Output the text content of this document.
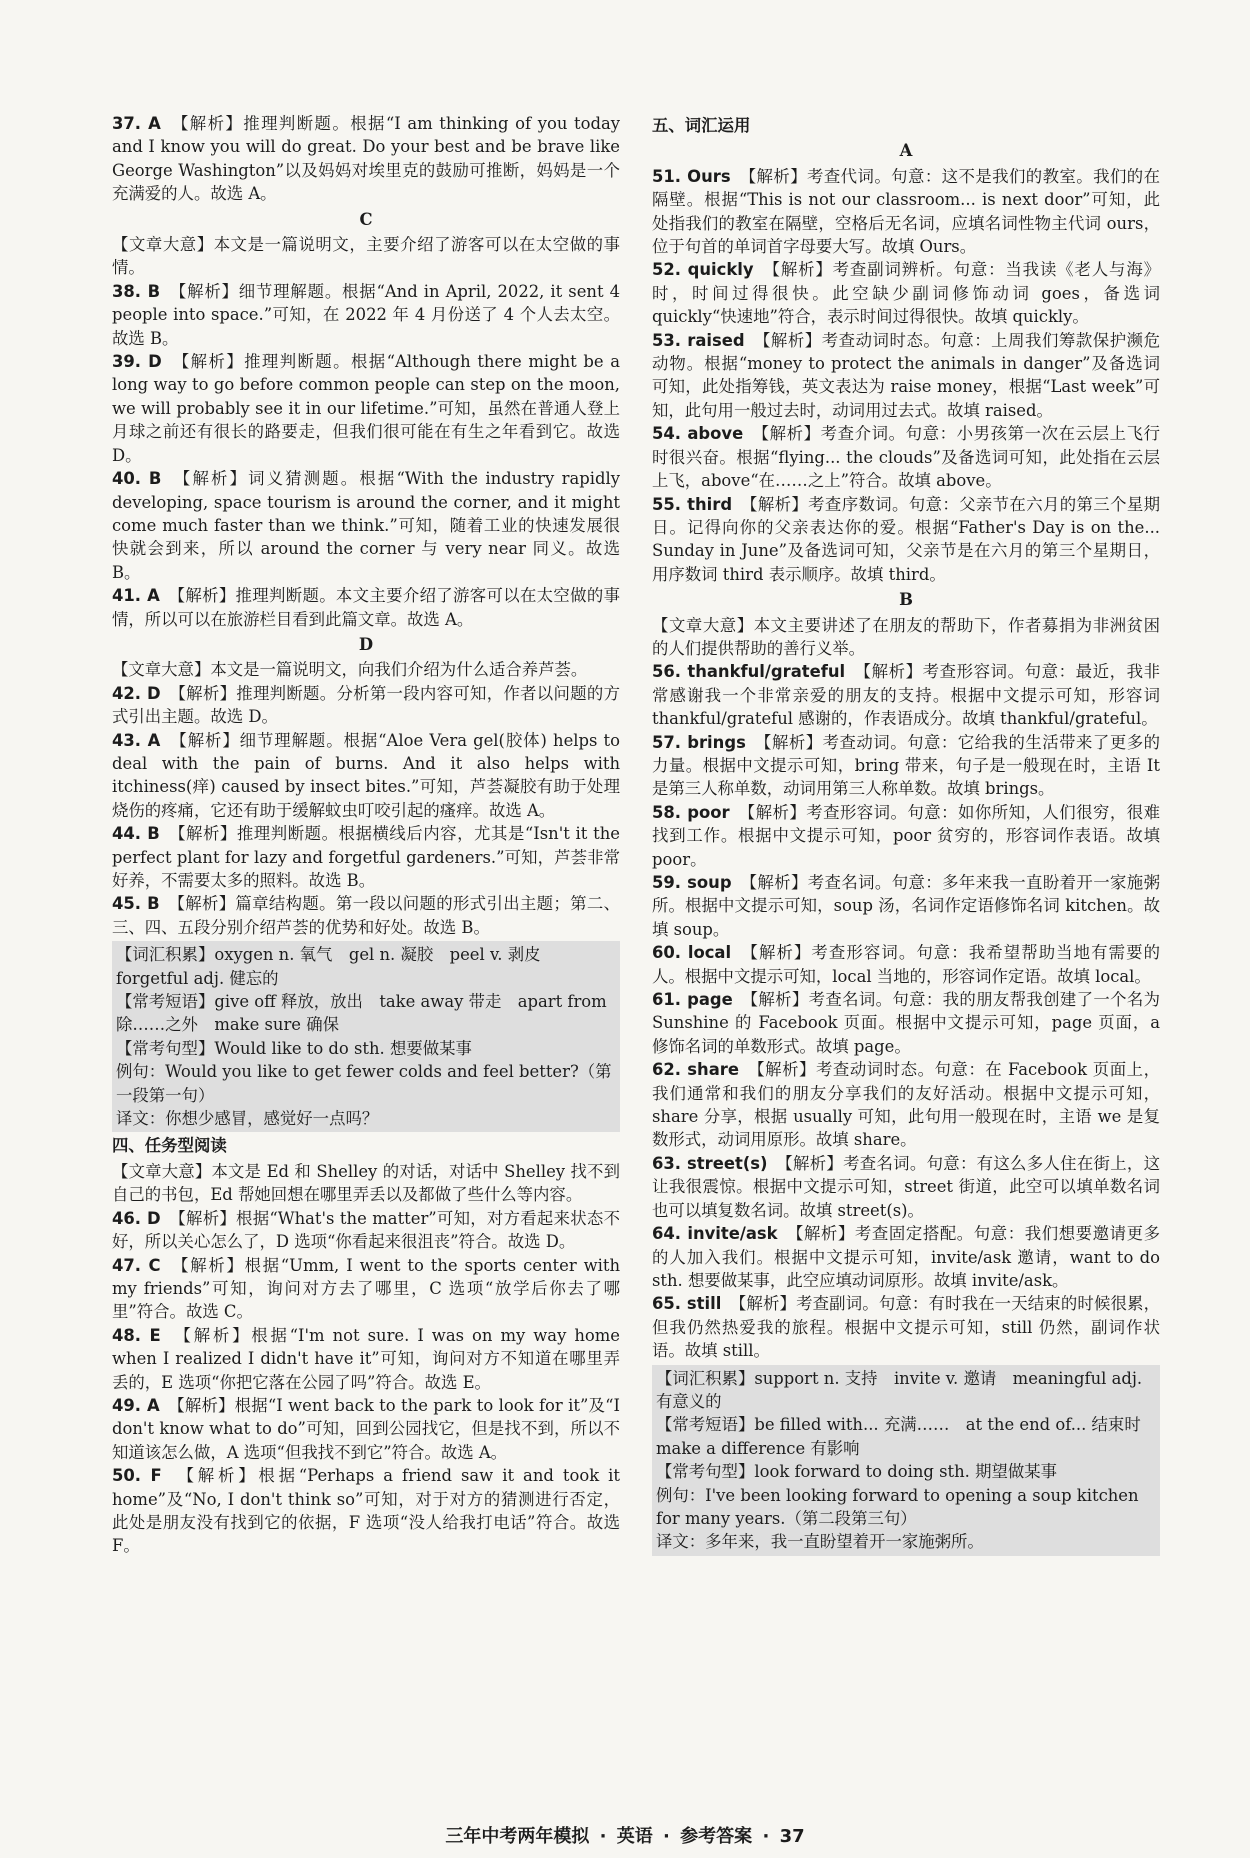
37. A　 【解析】推理判断题。根据“I am thinking of you today and I know you will do great. Do your best and be brave like George Washington”以及妈妈对埃里克的鼓励可推断，妈妈是一个充满爱的人。故选 A。

C

【文章大意】本文是一篇说明文，主要介绍了游客可以在太空做的事情。

38. B　 【解析】细节理解题。根据“And in April, 2022, it sent 4 people into space.”可知，在 2022 年 4 月份送了 4 个人去太空。故选 B。

39. D　 【解析】推理判断题。根据“Although there might be a long way to go before common people can step on the moon, we will probably see it in our lifetime.”可知，虽然在普通人登上月球之前还有很长的路要走，但我们很可能在有生之年看到它。故选 D。

40. B　 【解析】词义猜测题。根据“With the industry rapidly developing, space tourism is around the corner, and it might come much faster than we think.”可知，随着工业的快速发展很快就会到来，所以 around the corner 与 very near 同义。故选 B。

41. A　 【解析】推理判断题。本文主要介绍了游客可以在太空做的事情，所以可以在旅游栏目看到此篇文章。故选 A。

D

【文章大意】本文是一篇说明文，向我们介绍为什么适合养芦荟。

42. D　 【解析】推理判断题。分析第一段内容可知，作者以问题的方式引出主题。故选 D。

43. A　 【解析】细节理解题。根据“Aloe Vera gel(胶体) helps to deal with the pain of burns. And it also helps with itchiness(痒) caused by insect bites.”可知，芦荟凝胶有助于处理烧伤的疼痛，它还有助于缓解蚊虫叮咬引起的瘙痒。故选 A。

44. B　 【解析】推理判断题。根据横线后内容，尤其是“Isn't it the perfect plant for lazy and forgetful gardeners.”可知，芦荟非常好养，不需要太多的照料。故选 B。

45. B　 【解析】篇章结构题。第一段以问题的形式引出主题；第二、三、四、五段分别介绍芦荟的优势和好处。故选 B。

【词汇积累】oxygen n. 氧气　gel n. 凝胶　peel v. 剥皮　forgetful adj. 健忘的
【常考短语】give off 释放，放出　take away 带走　apart from 除……之外　make sure 确保
【常考句型】Would like to do sth. 想要做某事
例句：Would you like to get fewer colds and feel better?（第一段第一句）
译文：你想少感冒，感觉好一点吗？

四、任务型阅读

【文章大意】本文是 Ed 和 Shelley 的对话，对话中 Shelley 找不到自己的书包，Ed 帮她回想在哪里弄丢以及都做了些什么等内容。

46. D　 【解析】根据“What's the matter”可知，对方看起来状态不好，所以关心怎么了，D 选项“你看起来很沮丧”符合。故选 D。

47. C　 【解析】根据“Umm, I went to the sports center with my friends”可知，询问对方去了哪里，C 选项“放学后你去了哪里”符合。故选 C。

48. E　 【解析】根据“I'm not sure. I was on my way home when I realized I didn't have it”可知，询问对方不知道在哪里弄丢的，E 选项“你把它落在公园了吗”符合。故选 E。

49. A　 【解析】根据“I went back to the park to look for it”及“I don't know what to do”可知，回到公园找它，但是找不到，所以不知道该怎么做，A 选项“但我找不到它”符合。故选 A。

50. F　 【解析】根据“Perhaps a friend saw it and took it home”及“No, I don't think so”可知，对于对方的猜测进行否定，此处是朋友没有找到它的依据，F 选项“没人给我打电话”符合。故选 F。

五、词汇运用

A

51. Ours　 【解析】考查代词。句意：这不是我们的教室。我们的在隔壁。根据“This is not our classroom... is next door”可知，此处指我们的教室在隔壁，空格后无名词，应填名词性物主代词 ours，位于句首的单词首字母要大写。故填 Ours。

52. quickly　 【解析】考查副词辨析。句意：当我读《老人与海》时，时间过得很快。此空缺少副词修饰动词 goes，备选词 quickly“快速地”符合，表示时间过得很快。故填 quickly。

53. raised　 【解析】考查动词时态。句意：上周我们筹款保护濒危动物。根据“money to protect the animals in danger”及备选词可知，此处指筹钱，英文表达为 raise money，根据“Last week”可知，此句用一般过去时，动词用过去式。故填 raised。

54. above　 【解析】考查介词。句意：小男孩第一次在云层上飞行时很兴奋。根据“flying... the clouds”及备选词可知，此处指在云层上飞，above“在……之上”符合。故填 above。

55. third　 【解析】考查序数词。句意：父亲节在六月的第三个星期日。记得向你的父亲表达你的爱。根据“Father's Day is on the... Sunday in June”及备选词可知，父亲节是在六月的第三个星期日，用序数词 third 表示顺序。故填 third。

B

【文章大意】本文主要讲述了在朋友的帮助下，作者募捐为非洲贫困的人们提供帮助的善行义举。

56. thankful/grateful　 【解析】考查形容词。句意：最近，我非常感谢我一个非常亲爱的朋友的支持。根据中文提示可知，形容词 thankful/grateful 感谢的，作表语成分。故填 thankful/grateful。

57. brings　 【解析】考查动词。句意：它给我的生活带来了更多的力量。根据中文提示可知，bring 带来，句子是一般现在时，主语 It 是第三人称单数，动词用第三人称单数。故填 brings。

58. poor　 【解析】考查形容词。句意：如你所知，人们很穷，很难找到工作。根据中文提示可知，poor 贫穷的，形容词作表语。故填 poor。

59. soup　 【解析】考查名词。句意：多年来我一直盼着开一家施粥所。根据中文提示可知，soup 汤，名词作定语修饰名词 kitchen。故填 soup。

60. local　 【解析】考查形容词。句意：我希望帮助当地有需要的人。根据中文提示可知，local 当地的，形容词作定语。故填 local。

61. page　 【解析】考查名词。句意：我的朋友帮我创建了一个名为 Sunshine 的 Facebook 页面。根据中文提示可知，page 页面，a 修饰名词的单数形式。故填 page。

62. share　 【解析】考查动词时态。句意：在 Facebook 页面上，我们通常和我们的朋友分享我们的友好活动。根据中文提示可知，share 分享，根据 usually 可知，此句用一般现在时，主语 we 是复数形式，动词用原形。故填 share。

63. street(s)　 【解析】考查名词。句意：有这么多人住在街上，这让我很震惊。根据中文提示可知，street 街道，此空可以填单数名词也可以填复数名词。故填 street(s)。

64. invite/ask　 【解析】考查固定搭配。句意：我们想要邀请更多的人加入我们。根据中文提示可知，invite/ask 邀请，want to do sth. 想要做某事，此空应填动词原形。故填 invite/ask。

65. still　 【解析】考查副词。句意：有时我在一天结束的时候很累，但我仍然热爱我的旅程。根据中文提示可知，still 仍然，副词作状语。故填 still。

【词汇积累】support n. 支持　invite v. 邀请　meaningful adj. 有意义的
【常考短语】be filled with... 充满……　at the end of... 结束时　make a difference 有影响
【常考句型】look forward to doing sth. 期望做某事
例句：I've been looking forward to opening a soup kitchen for many years.（第二段第三句）
译文：多年来，我一直盼望着开一家施粥所。
三年中考两年模拟 · 英语 · 参考答案 · 37
